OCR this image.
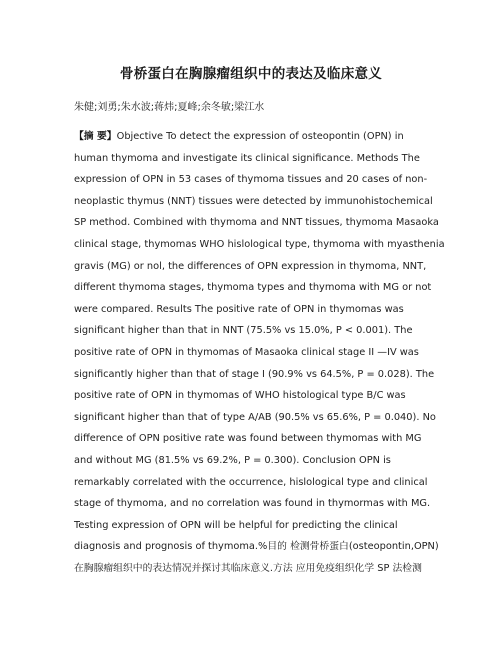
骨桥蛋白在胸腺瘤组织中的表达及临床意义
朱健;刘勇;朱水波;蒋炜;夏峰;余冬敏;梁江水
【摘 要】Objective To detect the expression of osteopontin (OPN) in
human thymoma and investigate its clinical significance. Methods The
expression of OPN in 53 cases of thymoma tissues and 20 cases of non-
neoplastic thymus (NNT) tissues were detected by immunohistochemical
SP method. Combined with thymoma and NNT tissues, thymoma Masaoka
clinical stage, thymomas WHO hislological type, thymoma with myasthenia
gravis (MG) or nol, the differences of OPN expression in thymoma, NNT,
different thymoma stages, thymoma types and thymoma with MG or not
were compared. Results The positive rate of OPN in thymomas was
significant higher than that in NNT (75.5% vs 15.0%, P < 0.001). The
positive rate of OPN in thymomas of Masaoka clinical stage II —IV was
significantly higher than that of stage I (90.9% vs 64.5%, P = 0.028). The
positive rate of OPN in thymomas of WHO histological type B/C was
significant higher than that of type A/AB (90.5% vs 65.6%, P = 0.040). No
difference of OPN positive rate was found between thymomas with MG
and without MG (81.5% vs 69.2%, P = 0.300). Conclusion OPN is
remarkably correlated with the occurrence, hislological type and clinical
stage of thymoma, and no correlation was found in thymormas with MG.
Testing expression of OPN will be helpful for predicting the clinical
diagnosis and prognosis of thymoma.%目的 检测骨桥蛋白(osteopontin,OPN)
在胸腺瘤组织中的表达情况并探讨其临床意义.方法 应用免疫组织化学 SP 法检测
